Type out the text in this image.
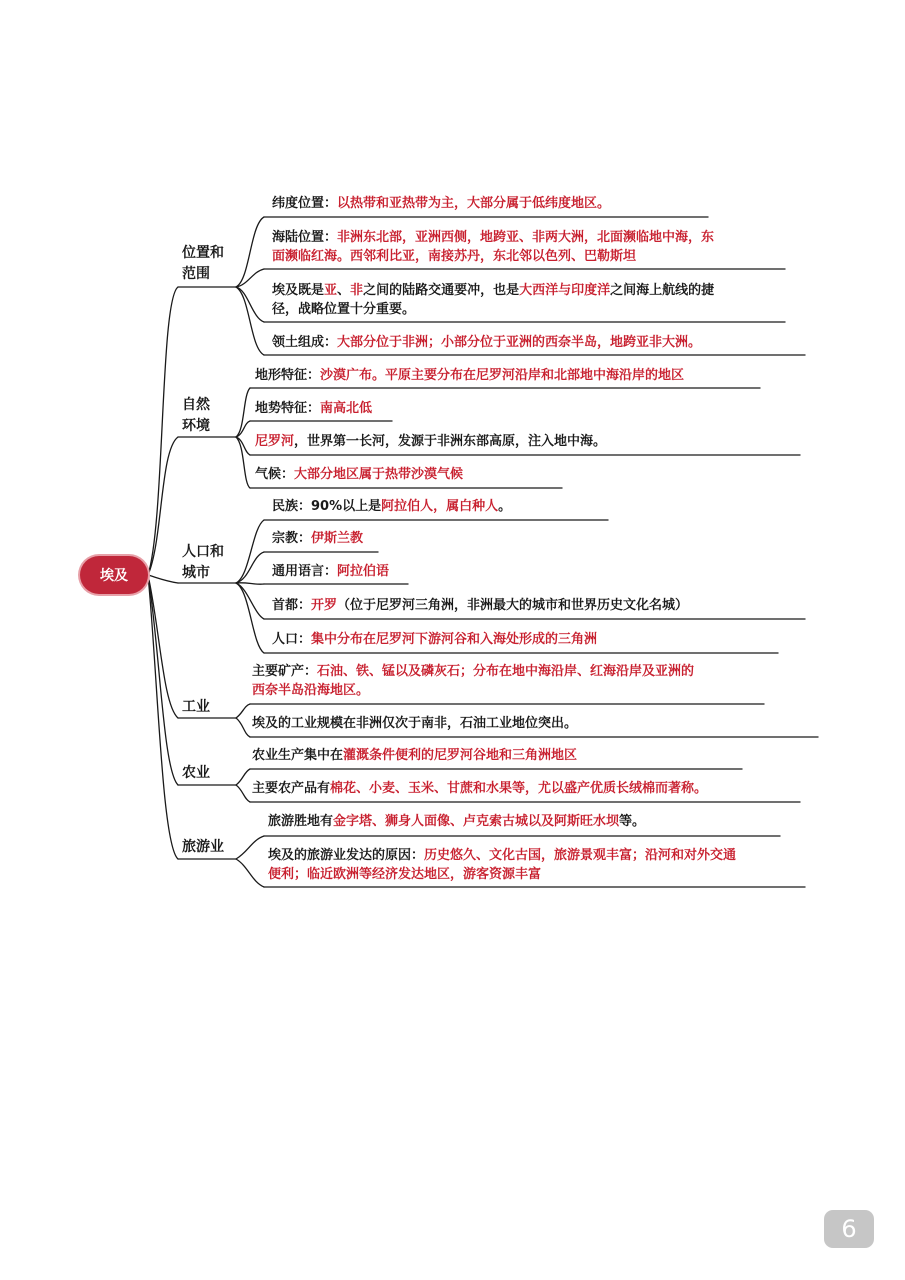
埃及
位置和
范围
自然
环境
人口和
城市
工业
农业
旅游业
纬度位置：以热带和亚热带为主，大部分属于低纬度地区。
海陆位置：非洲东北部，亚洲西侧，地跨亚、非两大洲，北面濒临地中海，东
面濒临红海。西邻利比亚，南接苏丹，东北邻以色列、巴勒斯坦
埃及既是亚、非之间的陆路交通要冲，也是大西洋与印度洋之间海上航线的捷
径，战略位置十分重要。
领土组成：大部分位于非洲；小部分位于亚洲的西奈半岛，地跨亚非大洲。
地形特征：沙漠广布。平原主要分布在尼罗河沿岸和北部地中海沿岸的地区
地势特征：南高北低
尼罗河，世界第一长河，发源于非洲东部高原，注入地中海。
气候：大部分地区属于热带沙漠气候
民族：90%以上是阿拉伯人，属白种人。
宗教：伊斯兰教
通用语言：阿拉伯语
首都：开罗（位于尼罗河三角洲，非洲最大的城市和世界历史文化名城）
人口：集中分布在尼罗河下游河谷和入海处形成的三角洲
主要矿产：石油、铁、锰以及磷灰石；分布在地中海沿岸、红海沿岸及亚洲的
西奈半岛沿海地区。
埃及的工业规模在非洲仅次于南非，石油工业地位突出。
农业生产集中在灌溉条件便利的尼罗河谷地和三角洲地区
主要农产品有棉花、小麦、玉米、甘蔗和水果等，尤以盛产优质长绒棉而著称。
旅游胜地有金字塔、狮身人面像、卢克索古城以及阿斯旺水坝等。
埃及的旅游业发达的原因：历史悠久、文化古国，旅游景观丰富；沿河和对外交通
便利；临近欧洲等经济发达地区，游客资源丰富
6
